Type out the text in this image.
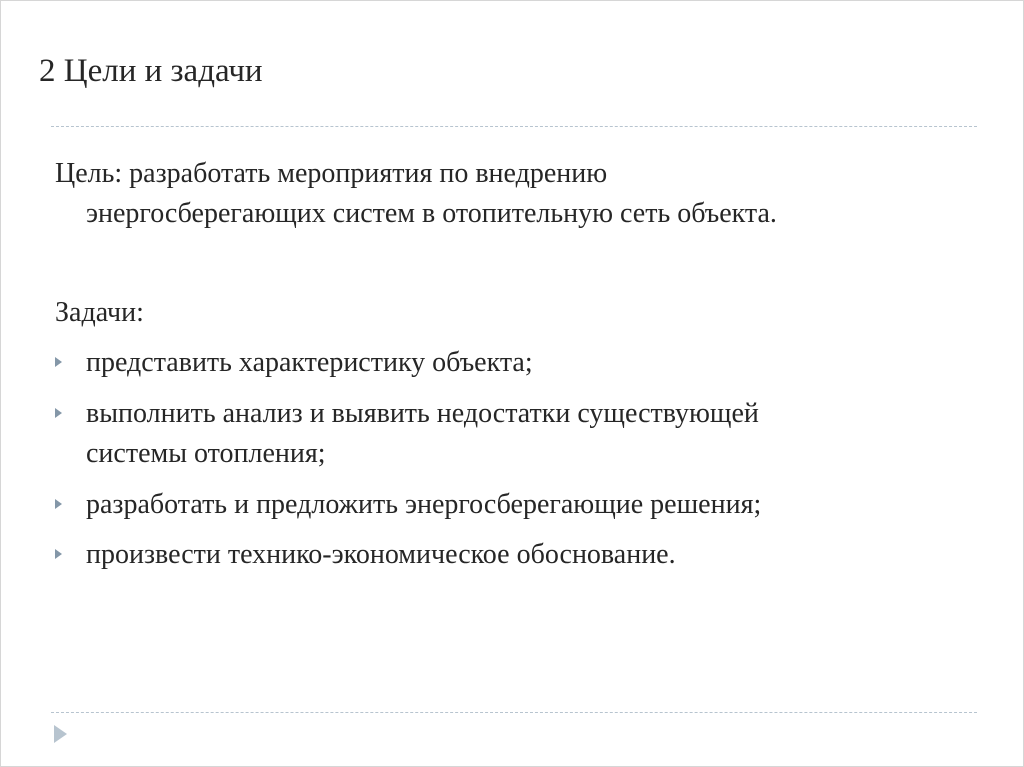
2 Цели и задачи
Цель: разработать мероприятия по внедрению
энергосберегающих систем в отопительную сеть объекта.
Задачи:
представить характеристику объекта;
выполнить анализ и выявить недостатки существующей
системы отопления;
разработать и предложить энергосберегающие решения;
произвести технико-экономическое обоснование.
